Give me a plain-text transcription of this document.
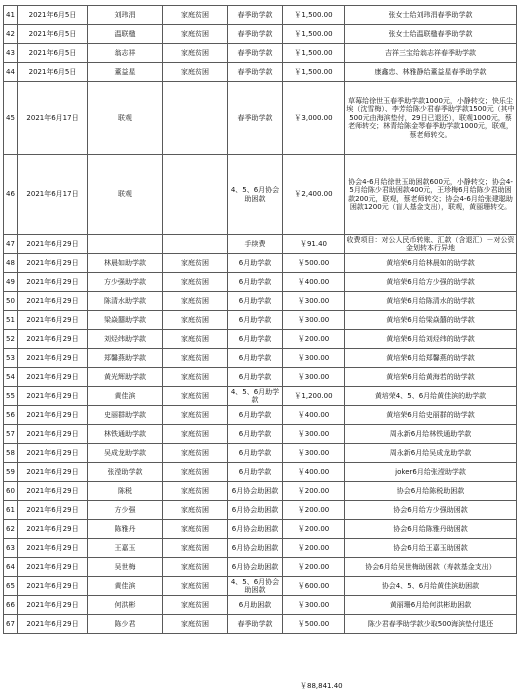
41	2021年6月5日	刘玮涓	家庭贫困	春季助学款	￥1,500.00	张女士给刘玮涓春季助学款
42	2021年6月5日	温联楹	家庭贫困	春季助学款	￥1,500.00	张女士给温联楹春季助学款
43	2021年6月5日	翁志祥	家庭贫困	春季助学款	￥1,500.00	吉祥三宝给翁志祥春季助学款
44	2021年6月5日	董益星	家庭贫困	春季助学款	￥1,500.00	康鑫忠、林雅静给董益星春季助学款
45	2021年6月17日	联观		春季助学款	￥3,000.00	草莓给徐世玉春季助学款1000元，小静转交；快乐尘埃（沈雪梅）、李芳给陈少君春季助学款1500元（其中500元由海滨垫付，29日已退还），联观1000元，蔡老师转交；林青给陈金琴春季助学款1000元，联观，蔡老师转交。
46	2021年6月17日	联观		4、5、6月协会助困款	￥2,400.00	协会4-6月给徐世玉助困款600元，小静转交；协会4-5月给陈少君助困款400元，王珍梅6月给陈少君助困款200元，联观，蔡老师转交；协会4-6月给张建聪助困款1200元（盲人基金支出），联观，黄丽珊转交。
47	2021年6月29日			手续费	￥91.40	收费项目：对公人民币转账、汇款（含退汇）－对公资金划转本行异地
48	2021年6月29日	林晨如助学款	家庭贫困	6月助学款	￥500.00	黄培荣6月给林晨如的助学款
49	2021年6月29日	方少强助学款	家庭贫困	6月助学款	￥400.00	黄培荣6月给方少强的助学款
50	2021年6月29日	陈清水助学款	家庭贫困	6月助学款	￥300.00	黄培荣6月给陈清水的助学款
51	2021年6月29日	梁焱囍助学款	家庭贫困	6月助学款	￥300.00	黄培荣6月给梁焱囍的助学款
52	2021年6月29日	刘烃纬助学款	家庭贫困	6月助学款	￥200.00	黄培荣6月给刘烃纬的助学款
53	2021年6月29日	郑馨燕助学款	家庭贫困	6月助学款	￥300.00	黄培荣6月给郑馨燕的助学款
54	2021年6月29日	黄光辉助学款	家庭贫困	6月助学款	￥300.00	黄培荣6月给黄海若的助学款
55	2021年6月29日	黄佳滨	家庭贫困	4、5、6月助学款	￥1,200.00	黄培荣4、5、6月给黄佳滨的助学款
56	2021年6月29日	史丽群助学款	家庭贫困	6月助学款	￥400.00	黄培荣6月给史丽群的助学款
57	2021年6月29日	林铁通助学款	家庭贫困	6月助学款	￥300.00	周永新6月给林铁通助学款
58	2021年6月29日	吴成龙助学款	家庭贫困	6月助学款	￥300.00	周永新6月给吴成龙助学款
59	2021年6月29日	张滢助学款	家庭贫困	6月助学款	￥400.00	joker6月给张滢助学款
60	2021年6月29日	陈税	家庭贫困	6月协会助困款	￥200.00	协会6月给陈税助困款
61	2021年6月29日	方少强	家庭贫困	6月协会助困款	￥200.00	协会6月给方少强助困款
62	2021年6月29日	陈雅丹	家庭贫困	6月协会助困款	￥200.00	协会6月给陈雅丹助困款
63	2021年6月29日	王嘉玉	家庭贫困	6月协会助困款	￥200.00	协会6月给王嘉玉助困款
64	2021年6月29日	吴世梅	家庭贫困	6月协会助困款	￥200.00	协会6月给吴世梅助困款（寿款基金支出）
65	2021年6月29日	黄佳滨	家庭贫困	4、5、6月协会助困款	￥600.00	协会4、5、6月给黄佳滨助困款
66	2021年6月29日	何洪彬	家庭贫困	6月助困款	￥300.00	黄丽珊6月给何洪彬助困款
67	2021年6月29日	陈少君	家庭贫困	春季助学款	￥500.00	陈少君春季助学款少取500海滨垫付退还
￥88,841.40
